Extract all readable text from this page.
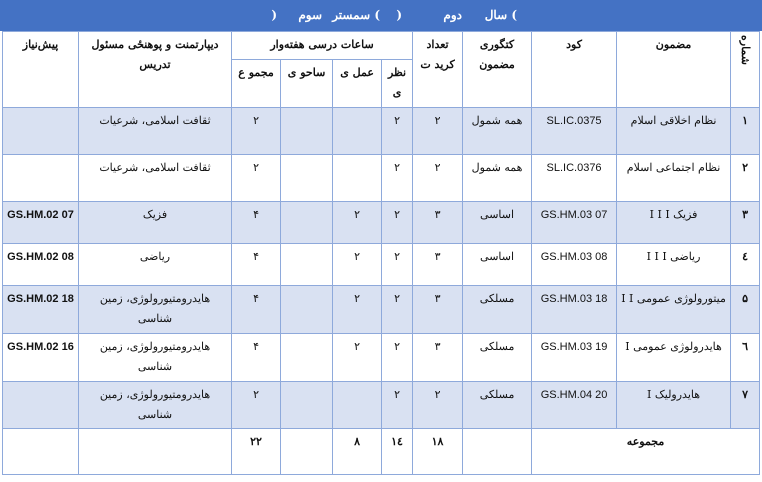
سال (
دوم
)
سمستر (
سوم
)
شماره	مضمون	کود	کتگوری مضمون	تعداد کرید ت	ساعات درسی هفته‌وار				دیپارتمنت و پوهنځی مسئول تدریس	پیش‌نیاز
					نظر ی	عمل ی	ساحو ی	مجمو ع		
۱	نظام اخلاقی اسلام	SL.IC.0375	همه شمول	۲	۲			۲	ثقافت اسلامی، شرعیات	
۲	نظام اجتماعی اسلام	SL.IC.0376	همه شمول	۲	۲			۲	ثقافت اسلامی، شرعیات	
۳	فزیک I I I	GS.HM.03 07	اساسی	۳	۲	۲		۴	فزیک	GS.HM.02 07
٤	ریاضی I I I	GS.HM.03 08	اساسی	۳	۲	۲		۴	ریاضی	GS.HM.02 08
۵	میتورولوژی عمومی I I	GS.HM.03 18	مسلکی	۳	۲	۲		۴	هایدرومتیورولوژی، زمین شناسی	GS.HM.02 18
٦	هایدرولوژی عمومی I	GS.HM.03 19	مسلکی	۳	۲	۲		۴	هایدرومتیورولوژی، زمین شناسی	GS.HM.02 16
۷	هایدرولیک I	GS.HM.04 20	مسلکی	۲	۲			۲	هایدرومتیورولوژی، زمین شناسی	
مجموعه				۱۸	۱٤	۸		۲۲		
